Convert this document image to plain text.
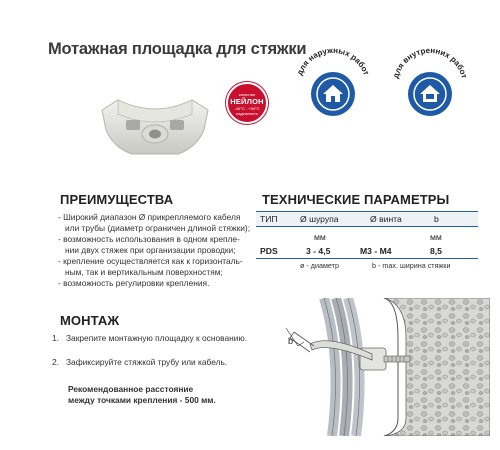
Мотажная площадка для стяжки
качество
НЕЙЛОН
-40°C - +90°C
надежность
для наружных работ	для внутренних работ
ПРЕИМУЩЕСТВА
- Широкий диапазон Ø прикрепляемого кабеля
или трубы (диаметр ограничен длиной стяжки);
- возможность использования в одном креплe-
нии двух стяжек при организации проводки;
- крепление осуществляется как к горизонталь-
ным, так и вертикальным поверхностям;
- возможность регулировки крепления.
ТЕХНИЧЕСКИЕ ПАРАМЕТРЫ
ТИП	Ø шурупа	Ø винта	b
мм	мм
PDS	3 - 4,5	M3 - M4	8,5
ø - диаметр	b - max. ширина стяжки
МОНТАЖ
1. Закрепите монтажную площадку к основанию.
2. Зафиксируйте стяжкой трубу или кабель.
Рекомендованное расстояние
между точками крепления - 500 мм.
b
